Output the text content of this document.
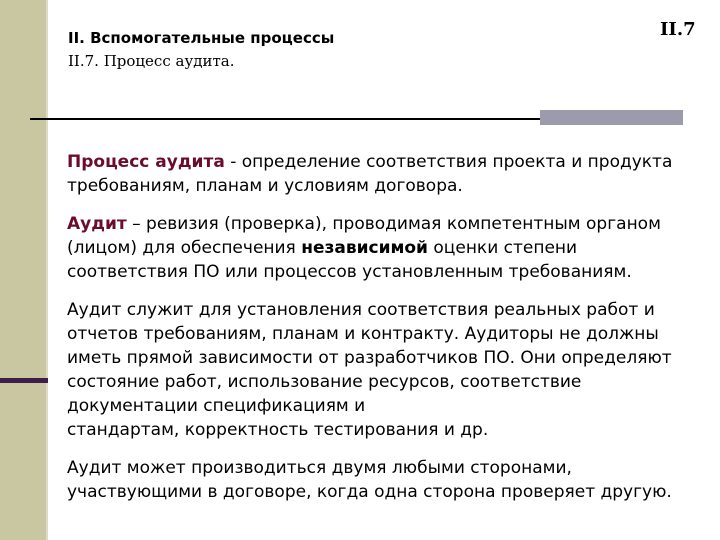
II. Вспомогательные процессы
II.7. Процесс аудита.
II.7

Процесс аудита - определение соответствия проекта и продукта требованиям, планам и условиям договора.

Аудит – ревизия (проверка), проводимая компетентным органом (лицом) для обеспечения независимой оценки степени соответствия ПО или процессов установленным требованиям.

Аудит служит для установления соответствия реальных работ и отчетов требованиям, планам и контракту. Аудиторы не должны иметь прямой зависимости от разработчиков ПО. Они определяют состояние работ, использование ресурсов, соответствие документации спецификациям и
стандартам, корректность тестирования и др.

Аудит может производиться двумя любыми сторонами, участвующими в договоре, когда одна сторона проверяет другую.
